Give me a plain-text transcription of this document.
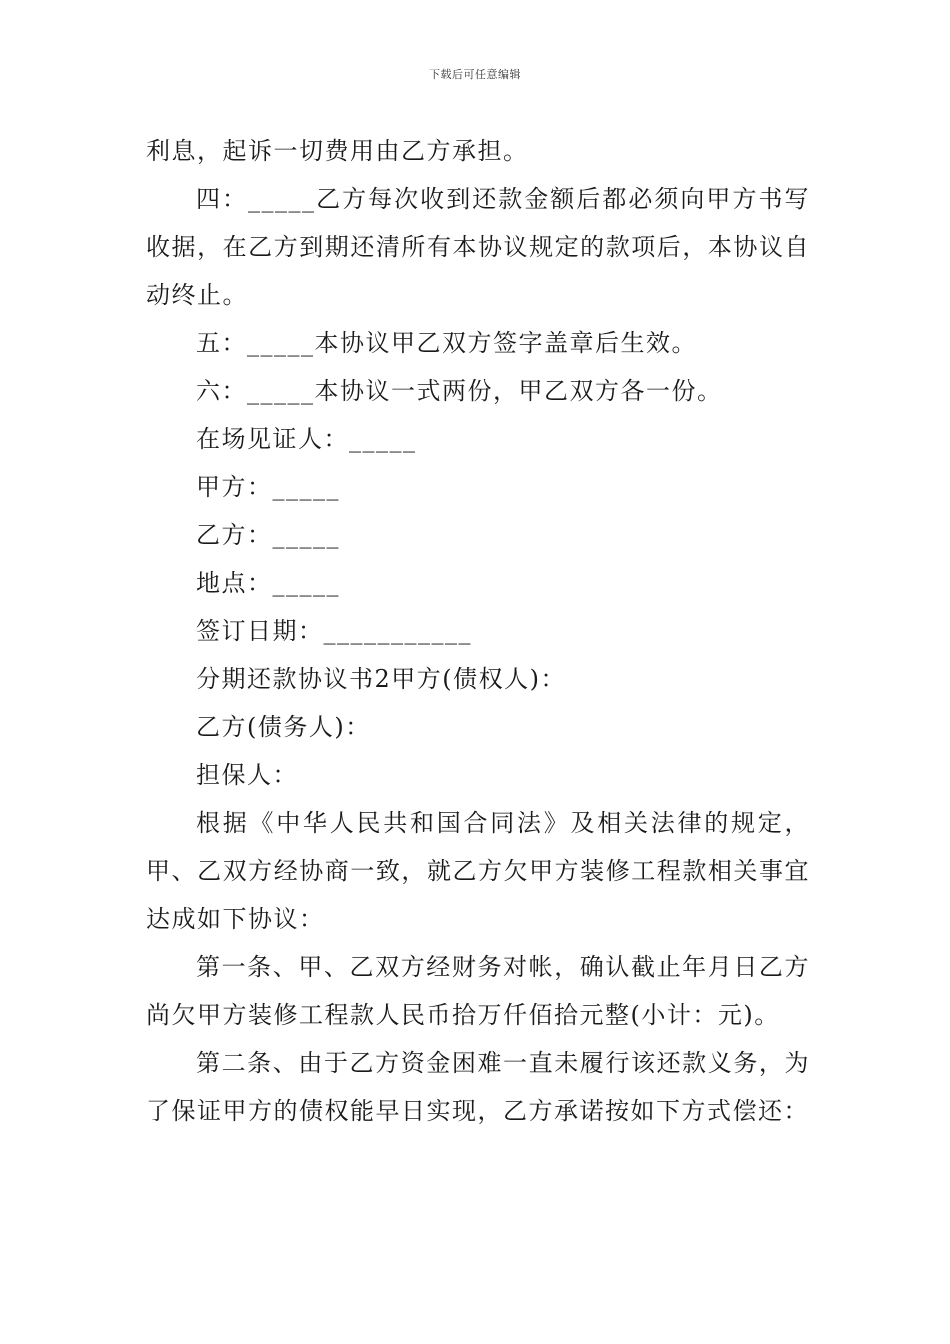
下载后可任意编辑

利息，起诉一切费用由乙方承担。

四：_____乙方每次收到还款金额后都必须向甲方书写收据，在乙方到期还清所有本协议规定的款项后，本协议自动终止。

五：_____本协议甲乙双方签字盖章后生效。

六：_____本协议一式两份，甲乙双方各一份。

在场见证人：_____

甲方：_____

乙方：_____

地点：_____

签订日期：___________

分期还款协议书2甲方(债权人)：

乙方(债务人)：

担保人：

根据《中华人民共和国合同法》及相关法律的规定，甲、乙双方经协商一致，就乙方欠甲方装修工程款相关事宜达成如下协议：

第一条、甲、乙双方经财务对帐，确认截止年月日乙方尚欠甲方装修工程款人民币拾万仟佰拾元整(小计：元)。

第二条、由于乙方资金困难一直未履行该还款义务，为了保证甲方的债权能早日实现，乙方承诺按如下方式偿还：
